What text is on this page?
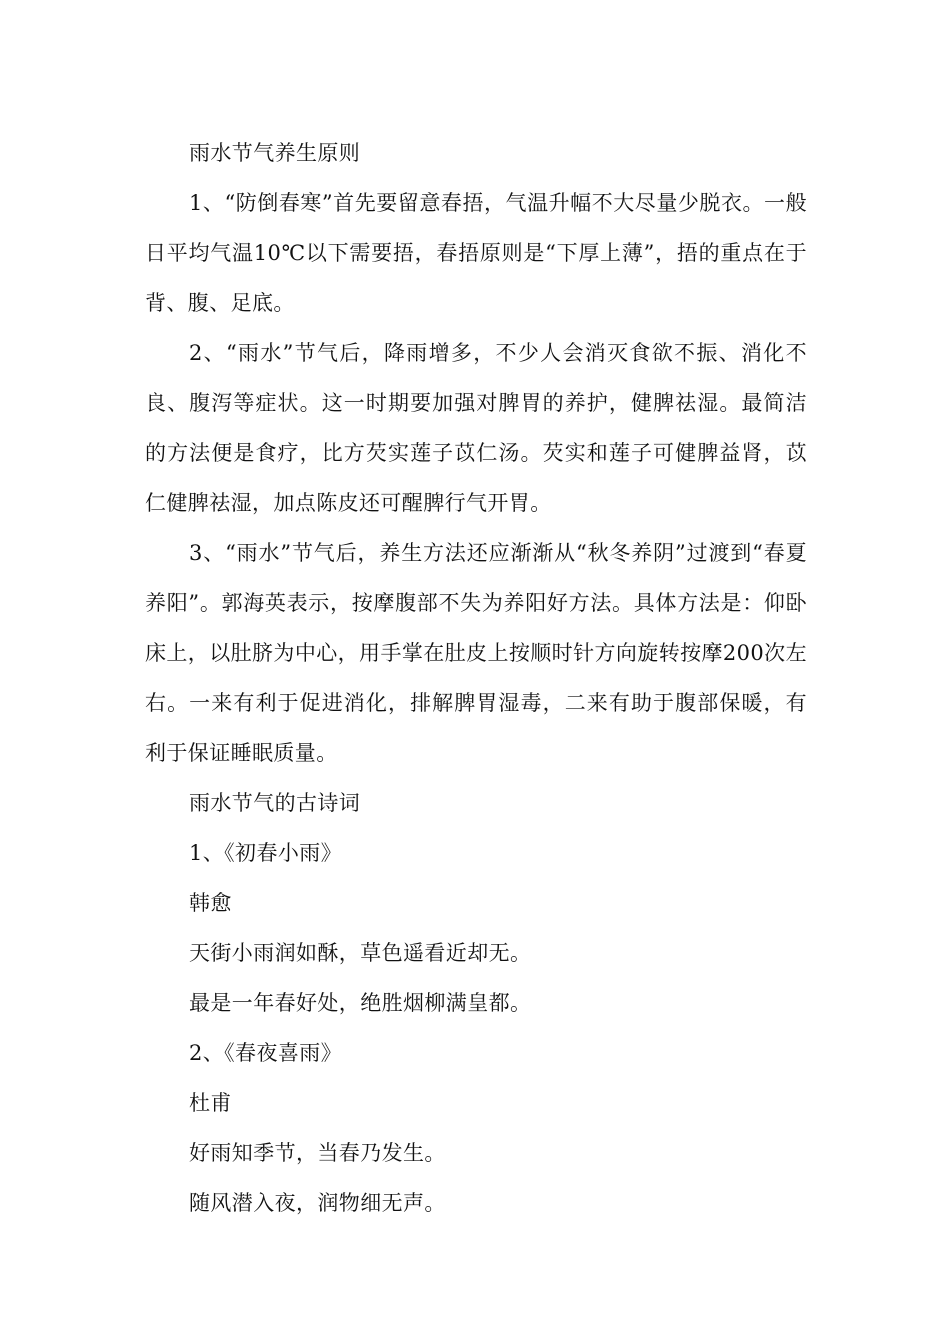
雨水节气养生原则

1、“防倒春寒”首先要留意春捂，气温升幅不大尽量少脱衣。一般日平均气温10℃以下需要捂，春捂原则是“下厚上薄”，捂的重点在于背、腹、足底。

2、“雨水”节气后，降雨增多，不少人会消灭食欲不振、消化不良、腹泻等症状。这一时期要加强对脾胃的养护，健脾祛湿。最简洁的方法便是食疗，比方芡实莲子苡仁汤。芡实和莲子可健脾益肾，苡仁健脾祛湿，加点陈皮还可醒脾行气开胃。

3、“雨水”节气后，养生方法还应渐渐从“秋冬养阴”过渡到“春夏养阳”。郭海英表示，按摩腹部不失为养阳好方法。具体方法是：仰卧床上，以肚脐为中心，用手掌在肚皮上按顺时针方向旋转按摩200次左右。一来有利于促进消化，排解脾胃湿毒，二来有助于腹部保暖，有利于保证睡眠质量。

雨水节气的古诗词

1、《初春小雨》

韩愈

天街小雨润如酥，草色遥看近却无。

最是一年春好处，绝胜烟柳满皇都。

2、《春夜喜雨》

杜甫

好雨知季节，当春乃发生。

随风潜入夜，润物细无声。
